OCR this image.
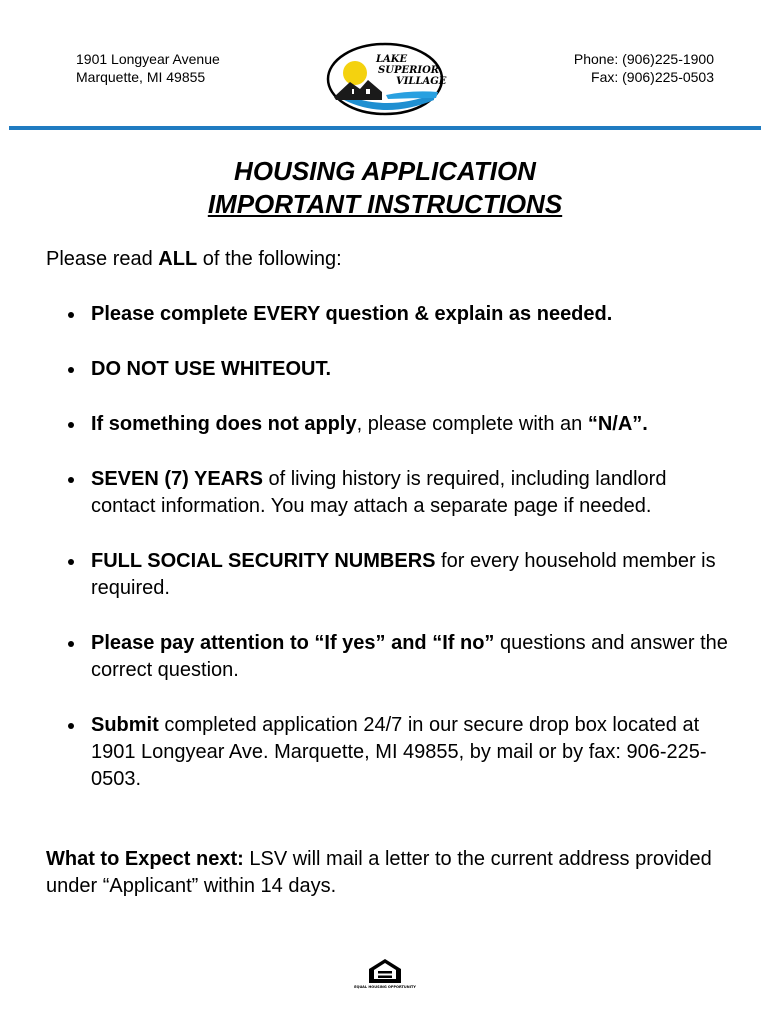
1901 Longyear Avenue
Marquette, MI 49855
LAKE
SUPERIOR
VILLAGE
Phone: (906)225-1900
Fax: (906)225-0503
HOUSING APPLICATION
IMPORTANT INSTRUCTIONS
Please read ALL of the following:
Please complete EVERY question & explain as needed.
DO NOT USE WHITEOUT.
If something does not apply, please complete with an “N/A”.
SEVEN (7) YEARS of living history is required, including landlord contact information. You may attach a separate page if needed.
FULL SOCIAL SECURITY NUMBERS for every household member is required.
Please pay attention to “If yes” and “If no” questions and answer the correct question.
Submit completed application 24/7 in our secure drop box located at 1901 Longyear Ave. Marquette, MI 49855, by mail or by fax: 906-225-0503.
What to Expect next: LSV will mail a letter to the current address provided under “Applicant” within 14 days.
EQUAL HOUSING OPPORTUNITY
